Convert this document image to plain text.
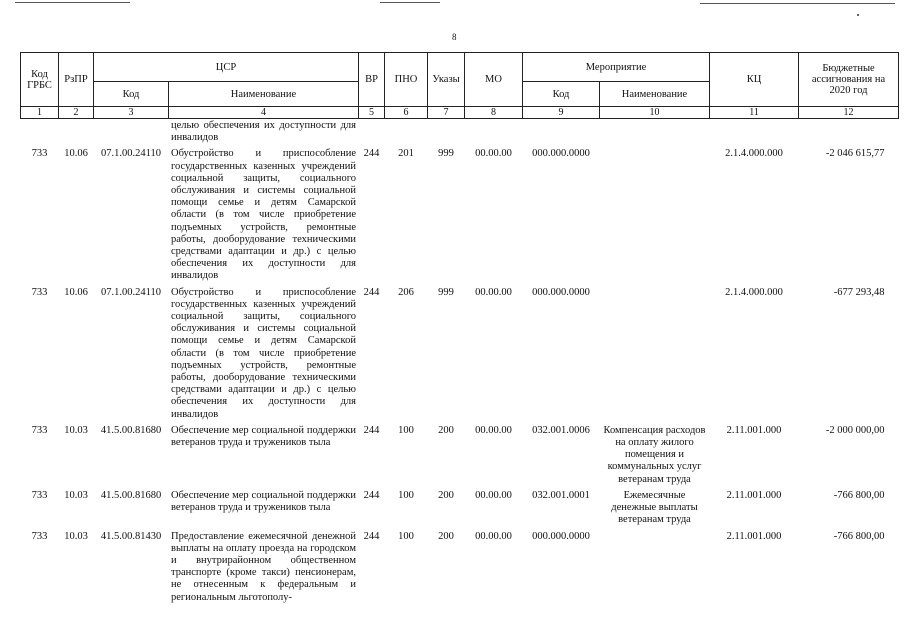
8
Код ГРБС	РзПР	ЦСР		ВР	ПНО	Указы	МО	Мероприятие		КЦ	Бюджетные ассигнования на 2020 год
		Код	Наименование					Код	Наименование		
1	2	3	4	5	6	7	8	9	10	11	12
			целью обеспечения их доступности для инвалидов								
733	10.06	07.1.00.24110	Обустройство и приспособление государственных казенных учреждений социальной защиты, социального обслуживания и системы социальной помощи семье и детям Самарской области (в том числе приобретение подъемных устройств, ремонтные работы, дооборудование техническими средствами адаптации и др.) с целью обеспечения их доступности для инвалидов	244	201	999	00.00.00	000.000.0000		2.1.4.000.000	-2 046 615,77
733	10.06	07.1.00.24110	Обустройство и приспособление государственных казенных учреждений социальной защиты, социального обслуживания и системы социальной помощи семье и детям Самарской области (в том числе приобретение подъемных устройств, ремонтные работы, дооборудование техническими средствами адаптации и др.) с целью обеспечения их доступности для инвалидов	244	206	999	00.00.00	000.000.0000		2.1.4.000.000	-677 293,48
733	10.03	41.5.00.81680	Обеспечение мер социальной поддержки ветеранов труда и тружеников тыла	244	100	200	00.00.00	032.001.0006	Компенсация расходов на оплату жилого помещения и коммунальных услуг ветеранам труда	2.11.001.000	-2 000 000,00
733	10.03	41.5.00.81680	Обеспечение мер социальной поддержки ветеранов труда и тружеников тыла	244	100	200	00.00.00	032.001.0001	Ежемесячные денежные выплаты ветеранам труда	2.11.001.000	-766 800,00
733	10.03	41.5.00.81430	Предоставление ежемесячной денежной выплаты на оплату проезда на городском и внутрирайонном общественном транспорте (кроме такси) пенсионерам, не отнесенным к федеральным и региональным льготополу-	244	100	200	00.00.00	000.000.0000		2.11.001.000	-766 800,00
